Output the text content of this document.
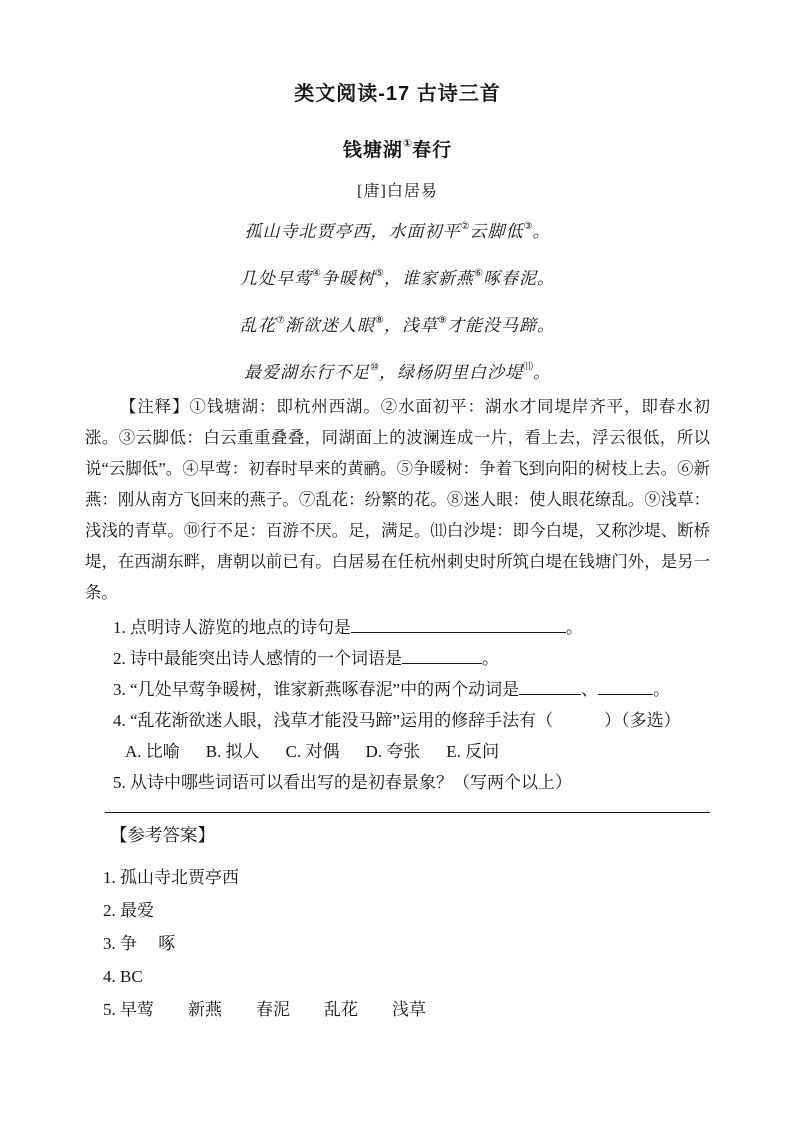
类文阅读-17 古诗三首
钱塘湖①春行
[唐]白居易
孤山寺北贾亭西，水面初平②云脚低③。
几处早莺④争暖树⑤，谁家新燕⑥啄春泥。
乱花⑦渐欲迷人眼⑧，浅草⑨才能没马蹄。
最爱湖东行不足⑩，绿杨阴里白沙堤⑾。
【注释】①钱塘湖：即杭州西湖。②水面初平：湖水才同堤岸齐平，即春水初涨。③云脚低：白云重重叠叠，同湖面上的波澜连成一片，看上去，浮云很低，所以说“云脚低”。④早莺：初春时早来的黄鹂。⑤争暖树：争着飞到向阳的树枝上去。⑥新燕：刚从南方飞回来的燕子。⑦乱花：纷繁的花。⑧迷人眼：使人眼花缭乱。⑨浅草：浅浅的青草。⑩行不足：百游不厌。足，满足。⑾白沙堤：即今白堤，又称沙堤、断桥堤，在西湖东畔，唐朝以前已有。白居易在任杭州刺史时所筑白堤在钱塘门外，是另一条。
1. 点明诗人游览的地点的诗句是	。
2. 诗中最能突出诗人感情的一个词语是	。
3. “几处早莺争暖树，谁家新燕啄春泥”中的两个动词是	、	。
4. “乱花渐欲迷人眼，浅草才能没马蹄”运用的修辞手法有（　　　）（多选）
A. 比喻 B. 拟人 C. 对偶 D. 夸张 E. 反问
5. 从诗中哪些词语可以看出写的是初春景象？（写两个以上）
【参考答案】
1. 孤山寺北贾亭西
2. 最爱
3. 争　 啄
4. BC
5. 早莺　　新燕　　春泥　　乱花　　浅草
